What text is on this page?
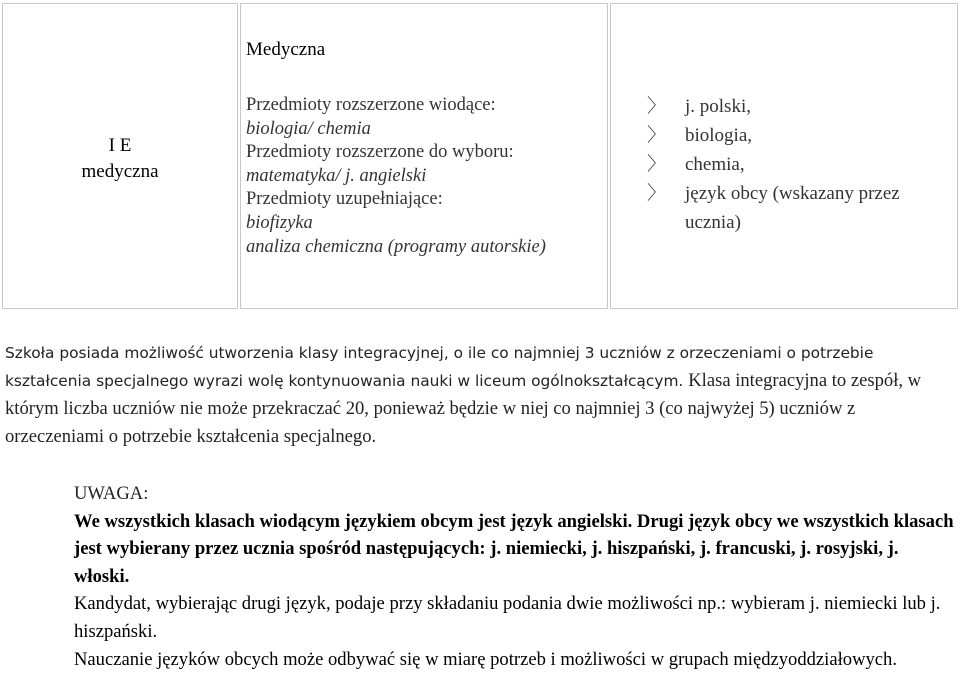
I E
medyczna
Medyczna
Przedmioty rozszerzone wiodące:
biologia/ chemia
Przedmioty rozszerzone do wyboru:
matematyka/ j. angielski
Przedmioty uzupełniające:
biofizyka
analiza chemiczna (programy autorskie)
〉 j. polski,
〉 biologia,
〉 chemia,
〉 język obcy (wskazany przez ucznia)
Szkoła posiada możliwość utworzenia klasy integracyjnej, o ile co najmniej 3 uczniów z orzeczeniami o potrzebie kształcenia specjalnego wyrazi wolę kontynuowania nauki w liceum ogólnokształcącym. Klasa integracyjna to zespół, w którym liczba uczniów nie może przekraczać 20, ponieważ będzie w niej co najmniej 3 (co najwyżej 5) uczniów z orzeczeniami o potrzebie kształcenia specjalnego.
UWAGA:
We wszystkich klasach wiodącym językiem obcym jest język angielski. Drugi język obcy we wszystkich klasach jest wybierany przez ucznia spośród następujących: j. niemiecki, j. hiszpański, j. francuski, j. rosyjski, j. włoski.
Kandydat, wybierając drugi język, podaje przy składaniu podania dwie możliwości np.: wybieram j. niemiecki lub j. hiszpański.
Nauczanie języków obcych może odbywać się w miarę potrzeb i możliwości w grupach międzyoddziałowych.
